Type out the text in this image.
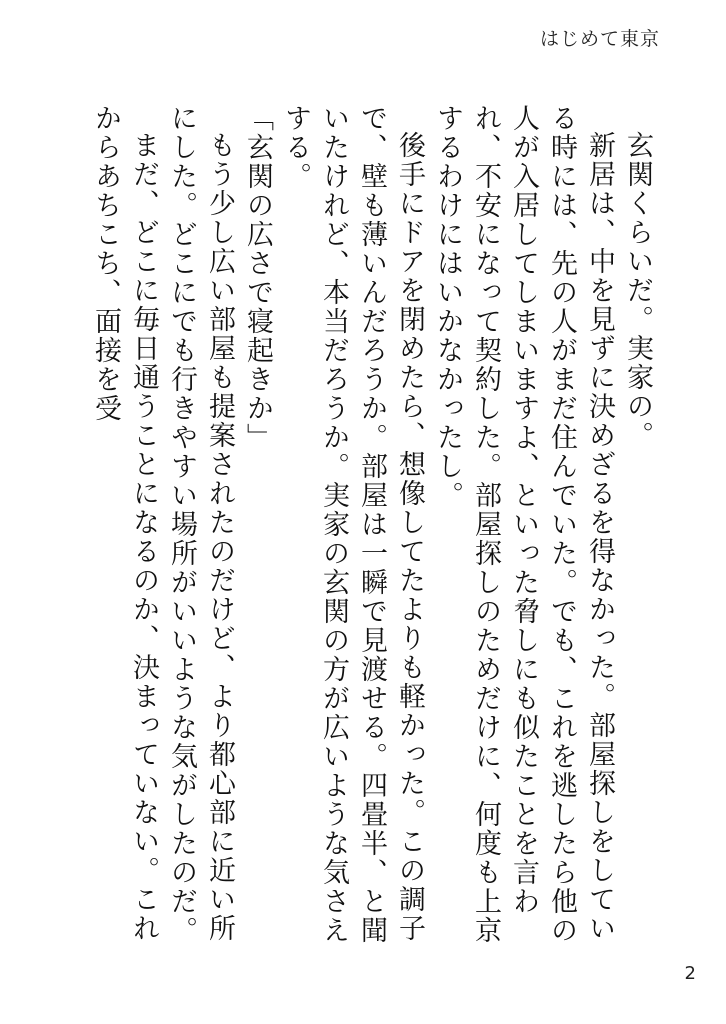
はじめて東京

玄関くらいだ。実家の。

新居は、中を見ずに決めざるを得なかった。部屋探しをしている時には、先の人がまだ住んでいた。でも、これを逃したら他の人が入居してしまいますよ、といった脅しにも似たことを言われ、不安になって契約した。部屋探しのためだけに、何度も上京するわけにはいかなかったし。

後手にドアを閉めたら、想像してたよりも軽かった。この調子で、壁も薄いんだろうか。部屋は一瞬で見渡せる。四畳半、と聞いたけれど、本当だろうか。実家の玄関の方が広いような気さえする。

「玄関の広さで寝起きか」

もう少し広い部屋も提案されたのだけど、より都心部に近い所にした。どこにでも行きやすい場所がいいような気がしたのだ。

まだ、どこに毎日通うことになるのか、決まっていない。これからあちこち、面接を受

2
